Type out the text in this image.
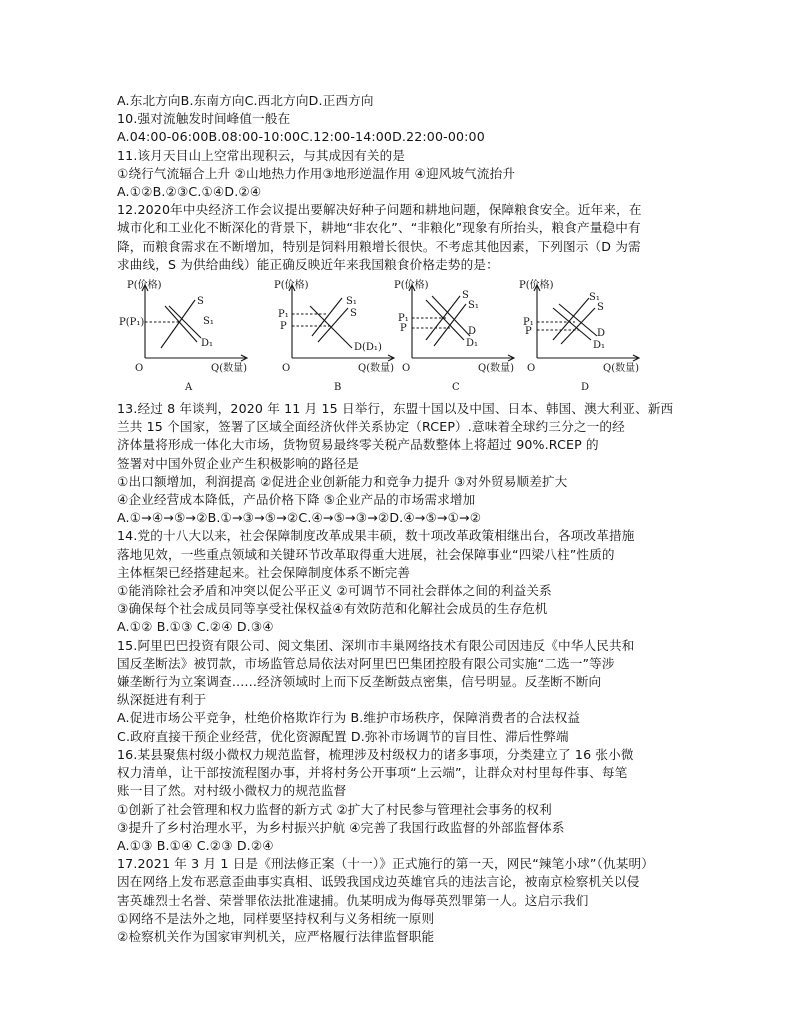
A.东北方向B.东南方向C.西北方向D.正西方向
10.强对流触发时间峰值一般在
A.04:00-06:00B.08:00-10:00C.12:00-14:00D.22:00-00:00
11.该月天目山上空常出现积云，与其成因有关的是
①绕行气流辐合上升 ②山地热力作用③地形逆温作用 ④迎风坡气流抬升
A.①②B.②③C.①④D.②④
12.2020年中央经济工作会议提出要解决好种子问题和耕地问题，保障粮食安全。近年来，在
城市化和工业化不断深化的背景下，耕地“非农化”、“非粮化”现象有所抬头，粮食产量稳中有
降，而粮食需求在不断增加，特别是饲料用粮增长很快。不考虑其他因素，下列图示（D 为需
求曲线，S 为供给曲线）能正确反映近年来我国粮食价格走势的是：
P(价格)
O	Q(数量)
S
S₁
D₁
P(P₁)
A
P(价格)
O	Q(数量)
S₁
S
D(D₁)
P₁
P
B
P(价格)
O	Q(数量)
S
S₁
D
D₁
P₁
P
C
P(价格)
O	Q(数量)
S₁
S
D
D₁
P₁
P
D
13.经过 8 年谈判，2020 年 11 月 15 日举行，东盟十国以及中国、日本、韩国、澳大利亚、新西
兰共 15 个国家，签署了区域全面经济伙伴关系协定（RCEP）.意味着全球约三分之一的经
济体量将形成一体化大市场，货物贸易最终零关税产品数整体上将超过 90%.RCEP 的
签署对中国外贸企业产生积极影响的路径是
①出口额增加，利润提高 ②促进企业创新能力和竞争力提升 ③对外贸易顺差扩大
④企业经营成本降低，产品价格下降 ⑤企业产品的市场需求增加
A.①→④→⑤→②B.①→③→⑤→②C.④→⑤→③→②D.④→⑤→①→②
14.党的十八大以来，社会保障制度改革成果丰硕，数十项改革政策相继出台，各项改革措施
落地见效，一些重点领域和关键环节改革取得重大进展，社会保障事业“四梁八柱”性质的
主体框架已经搭建起来。社会保障制度体系不断完善
①能消除社会矛盾和冲突以促公平正义 ②可调节不同社会群体之间的利益关系
③确保每个社会成员同等享受社保权益④有效防范和化解社会成员的生存危机
A.①② B.①③ C.②④ D.③④
15.阿里巴巴投资有限公司、阅文集团、深圳市丰巢网络技术有限公司因违反《中华人民共和
国反垄断法》被罚款，市场监管总局依法对阿里巴巴集团控股有限公司实施“二选一”等涉
嫌垄断行为立案调查……经济领域时上而下反垄断鼓点密集，信号明显。反垄断不断向
纵深挺进有利于
A.促进市场公平竞争，杜绝价格欺诈行为 B.维护市场秩序，保障消费者的合法权益
C.政府直接干预企业经营，优化资源配置 D.弥补市场调节的盲目性、滞后性弊端
16.某县聚焦村级小微权力规范监督，梳理涉及村级权力的诸多事项，分类建立了 16 张小微
权力清单，让干部按流程图办事，并将村务公开事项“上云端”，让群众对村里每件事、每笔
账一目了然。对村级小微权力的规范监督
①创新了社会管理和权力监督的新方式 ②扩大了村民参与管理社会事务的权利
③提升了乡村治理水平，为乡村振兴护航 ④完善了我国行政监督的外部监督体系
A.①③ B.①④ C.②③ D.②④
17.2021 年 3 月 1 日是《刑法修正案（十一）》正式施行的第一天，网民“辣笔小球”（仇某明）
因在网络上发布恶意歪曲事实真相、诋毁我国戍边英雄官兵的违法言论，被南京检察机关以侵
害英雄烈士名誉、荣誉罪依法批准逮捕。仇某明成为侮辱英烈罪第一人。这启示我们
①网络不是法外之地，同样要坚持权利与义务相统一原则
②检察机关作为国家审判机关，应严格履行法律监督职能
